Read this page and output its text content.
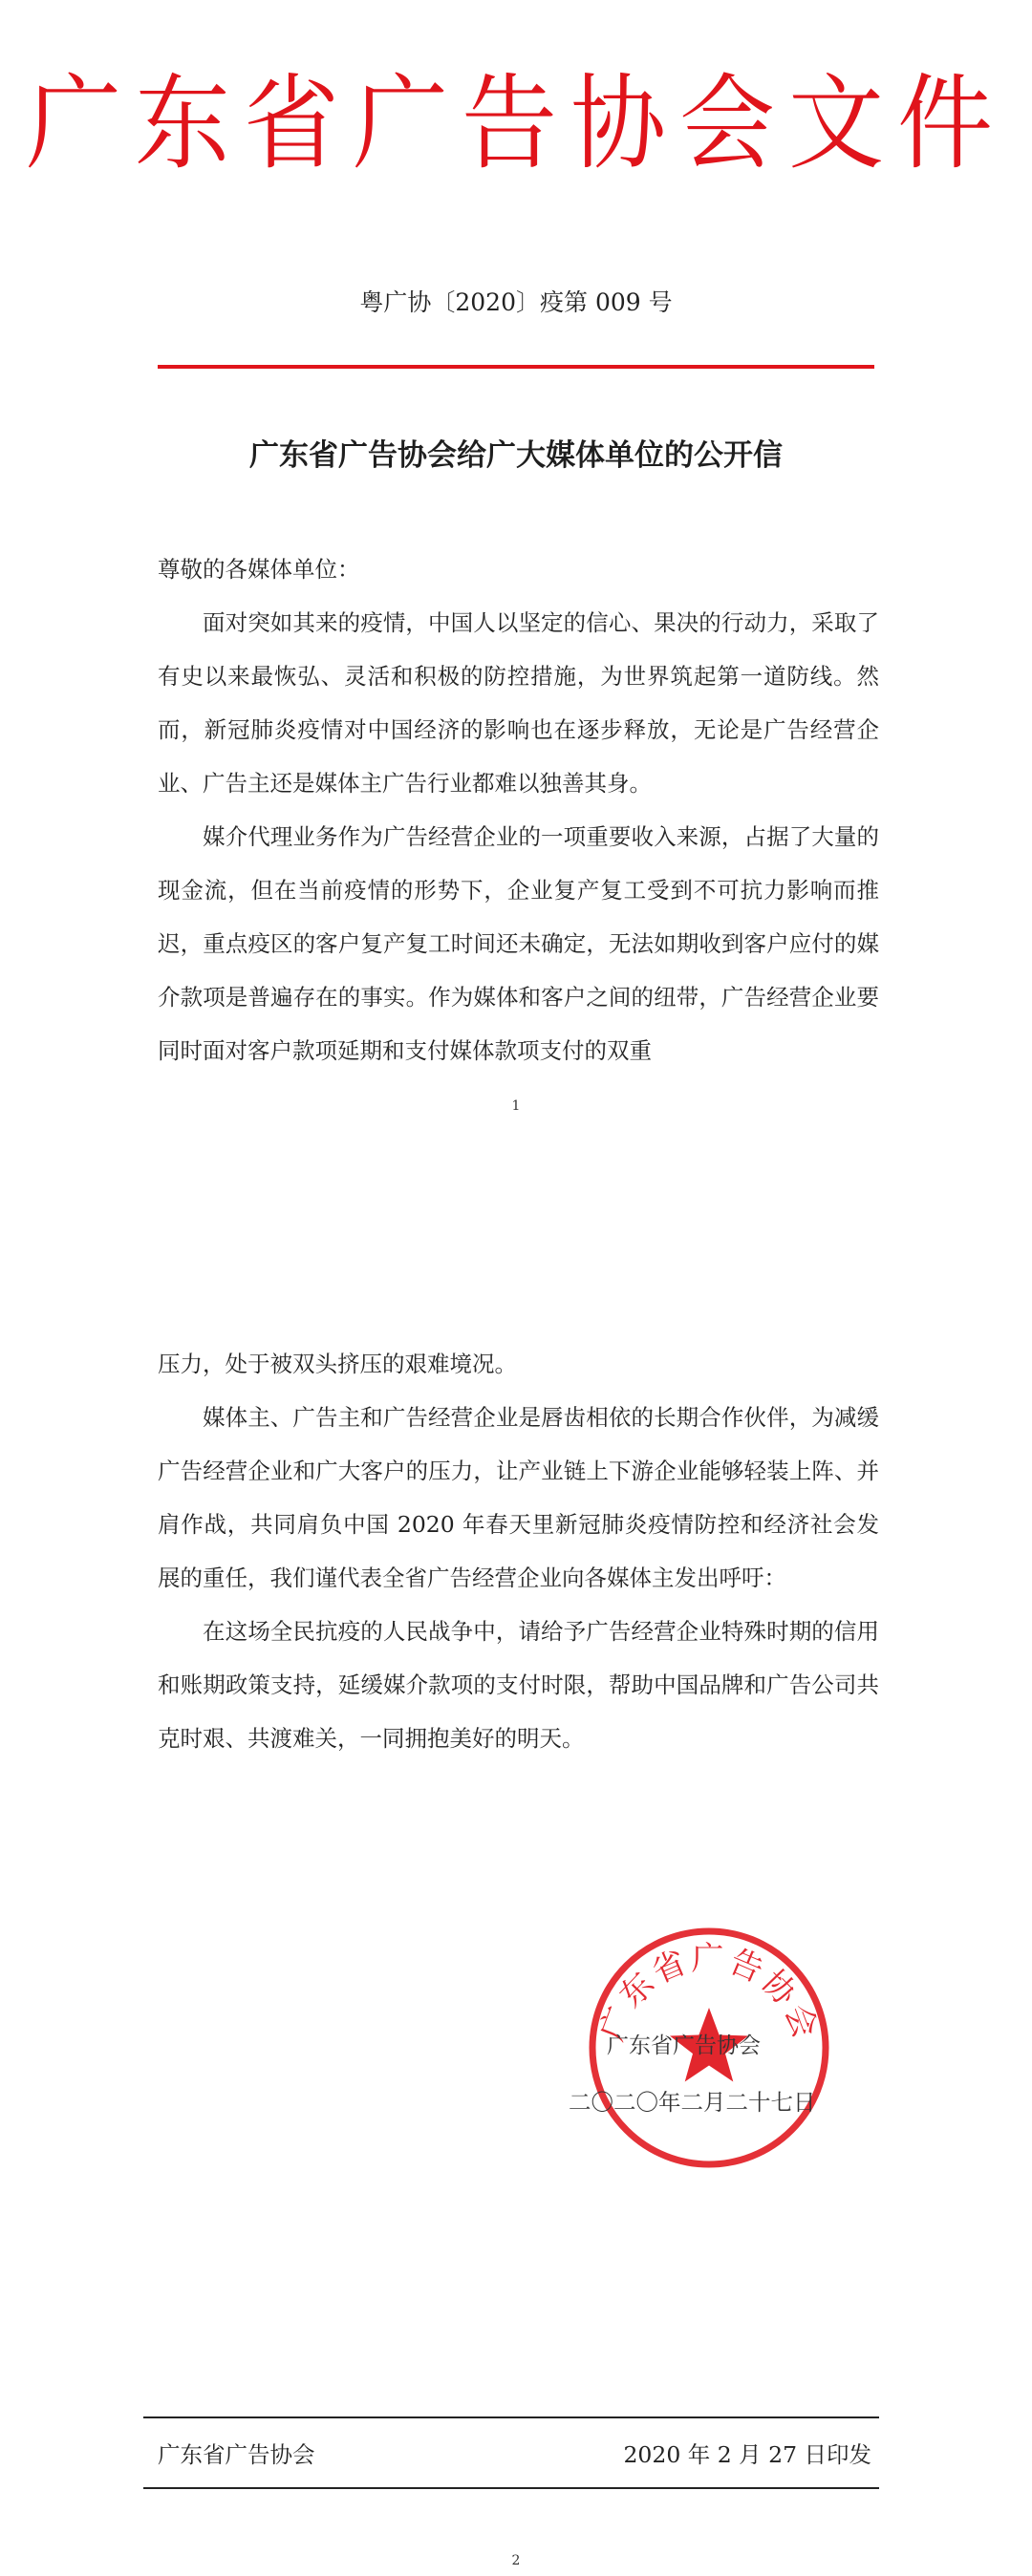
广东省广告协会文件
粤广协〔2020〕疫第 009 号
广东省广告协会给广大媒体单位的公开信

尊敬的各媒体单位：

面对突如其来的疫情，中国人以坚定的信心、果决的行动力，采取了有史以来最恢弘、灵活和积极的防控措施，为世界筑起第一道防线。然而，新冠肺炎疫情对中国经济的影响也在逐步释放，无论是广告经营企业、广告主还是媒体主广告行业都难以独善其身。

媒介代理业务作为广告经营企业的一项重要收入来源，占据了大量的现金流，但在当前疫情的形势下，企业复产复工受到不可抗力影响而推迟，重点疫区的客户复产复工时间还未确定，无法如期收到客户应付的媒介款项是普遍存在的事实。作为媒体和客户之间的纽带，广告经营企业要同时面对客户款项延期和支付媒体款项支付的双重

1

压力，处于被双头挤压的艰难境况。

媒体主、广告主和广告经营企业是唇齿相依的长期合作伙伴，为减缓广告经营企业和广大客户的压力，让产业链上下游企业能够轻装上阵、并肩作战，共同肩负中国 2020 年春天里新冠肺炎疫情防控和经济社会发展的重任，我们谨代表全省广告经营企业向各媒体主发出呼吁：

在这场全民抗疫的人民战争中，请给予广告经营企业特殊时期的信用和账期政策支持，延缓媒介款项的支付时限，帮助中国品牌和广告公司共克时艰、共渡难关，一同拥抱美好的明天。

广东省广告协会
广东省广告协会
二〇二〇年二月二十七日
广东省广告协会	2020 年 2 月 27 日印发
2
